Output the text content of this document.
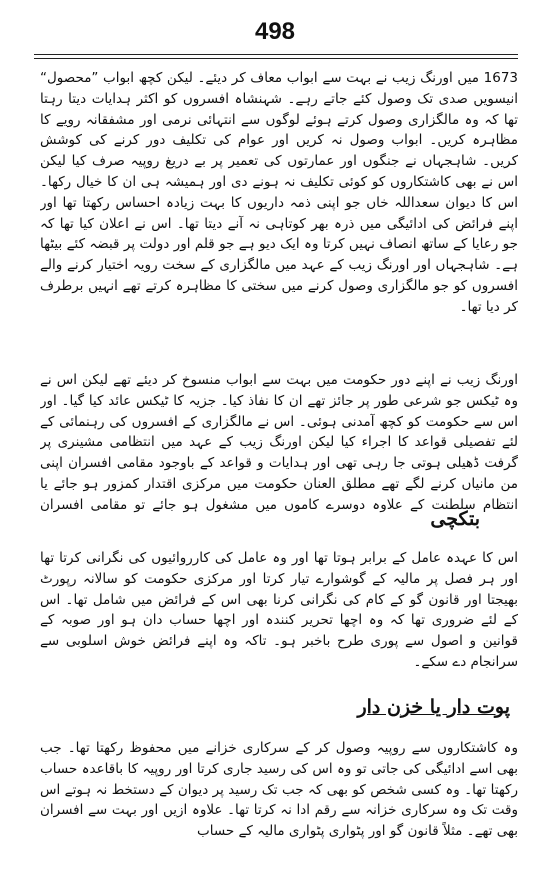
498
1673 میں اورنگ زیب نے بہت سے ابواب معاف کر دیئے۔ لیکن کچھ ابواب ”محصول“ انیسویں صدی تک وصول کئے جاتے رہے۔ شہنشاہ افسروں کو اکثر ہدایات دیتا رہتا تھا کہ وہ مالگزاری وصول کرتے ہوئے لوگوں سے انتہائی نرمی اور مشفقانہ رویے کا مظاہرہ کریں۔ ابواب وصول نہ کریں اور عوام کی تکلیف دور کرنے کی کوشش کریں۔ شاہجہاں نے جنگوں اور عمارتوں کی تعمیر پر بے دریغ روپیہ صرف کیا لیکن اس نے بھی کاشتکاروں کو کوئی تکلیف نہ ہونے دی اور ہمیشہ ہی ان کا خیال رکھا۔ اس کا دیوان سعداللہ خاں جو اپنی ذمہ داریوں کا بہت زیادہ احساس رکھتا تھا اور اپنے فرائض کی ادائیگی میں ذرہ بھر کوتاہی نہ آنے دیتا تھا۔ اس نے اعلان کیا تھا کہ جو رعایا کے ساتھ انصاف نہیں کرتا وہ ایک دیو ہے جو قلم اور دولت پر قبضہ کئے بیٹھا ہے۔ شاہجہاں اور اورنگ زیب کے عہد میں مالگزاری کے سخت رویہ اختیار کرنے والے افسروں کو جو مالگزاری وصول کرنے میں سختی کا مظاہرہ کرتے تھے انہیں برطرف کر دیا تھا۔
اورنگ زیب نے اپنے دور حکومت میں بہت سے ابواب منسوخ کر دیئے تھے لیکن اس نے وہ ٹیکس جو شرعی طور پر جائز تھے ان کا نفاذ کیا۔ جزیہ کا ٹیکس عائد کیا گیا۔ اور اس سے حکومت کو کچھ آمدنی ہوئی۔ اس نے مالگزاری کے افسروں کی رہنمائی کے لئے تفصیلی قواعد کا اجراء کیا لیکن اورنگ زیب کے عہد میں انتظامی مشینری پر گرفت ڈھیلی ہوتی جا رہی تھی اور ہدایات و قواعد کے باوجود مقامی افسران اپنی من مانیاں کرنے لگے تھے مطلق العنان حکومت میں مرکزی اقتدار کمزور ہو جائے یا انتظام سلطنت کے علاوہ دوسرے کاموں میں مشغول ہو جائے تو مقامی افسران
بتکچی
اس کا عہدہ عامل کے برابر ہوتا تھا اور وہ عامل کی کارروائیوں کی نگرانی کرتا تھا اور ہر فصل پر مالیہ کے گوشوارے تیار کرتا اور مرکزی حکومت کو سالانہ رپورٹ بھیجتا اور قانون گو کے کام کی نگرانی کرنا بھی اس کے فرائض میں شامل تھا۔ اس کے لئے ضروری تھا کہ وہ اچھا تحریر کنندہ اور اچھا حساب دان ہو اور صوبہ کے قوانین و اصول سے پوری طرح باخبر ہو۔ تاکہ وہ اپنے فرائض خوش اسلوبی سے سرانجام دے سکے۔
پوت دار یا خزن دار
وہ کاشتکاروں سے روپیہ وصول کر کے سرکاری خزانے میں محفوظ رکھتا تھا۔ جب بھی اسے ادائیگی کی جاتی تو وہ اس کی رسید جاری کرتا اور روپیہ کا باقاعدہ حساب رکھتا تھا۔ وہ کسی شخص کو بھی کہ جب تک رسید پر دیوان کے دستخط نہ ہوتے اس وقت تک وہ سرکاری خزانہ سے رقم ادا نہ کرتا تھا۔ علاوہ ازیں اور بہت سے افسران بھی تھے۔ مثلاً قانون گو اور پٹواری پٹواری مالیہ کے حساب
